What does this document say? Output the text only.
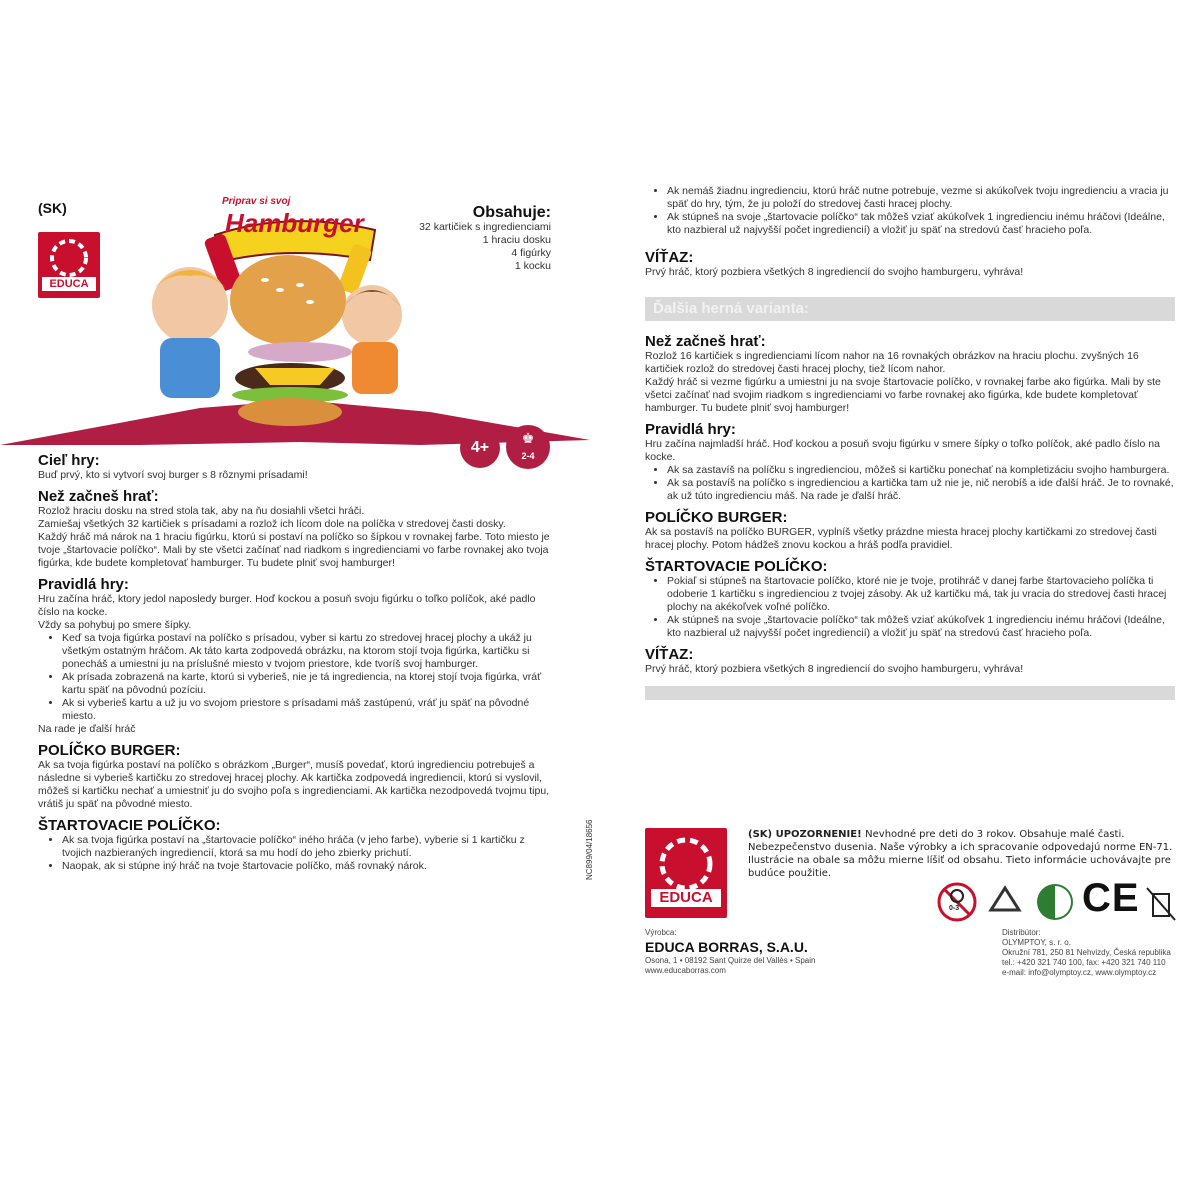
(SK)
EDUCA
Obsahuje:

32 kartičiek s ingredienciami

1 hraciu dosku

4 figúrky

1 kocku

Priprav si svoj
Hamburger
4+
♚
2-4
Cieľ hry:

Buď prvý, kto si vytvorí svoj burger s 8 rôznymi prísadami!

Než začneš hrať:

Rozlož hraciu dosku na stred stola tak, aby na ňu dosiahli všetci hráči.
Zamiešaj všetkých 32 kartičiek s prísadami a rozlož ich lícom dole na políčka v stredovej časti dosky.
Každý hráč má nárok na 1 hraciu figúrku, ktorú si postaví na políčko so šípkou v rovnakej farbe. Toto miesto je tvoje „štartovacie políčko“. Mali by ste všetci začínať nad riadkom s ingredienciami vo farbe rovnakej ako tvoja figúrka, kde budete kompletovať hamburger. Tu budete plniť svoj hamburger!

Pravidlá hry:

Hru začína hráč, ktory jedol naposledy burger. Hoď kockou a posuň svoju figúrku o toľko políčok, aké padlo číslo na kocke.
Vždy sa pohybuj po smere šípky.

• Keď sa tvoja figúrka postaví na políčko s prísadou, vyber si kartu zo stredovej hracej plochy a ukáž ju všetkým ostatným hráčom. Ak táto karta zodpovedá obrázku, na ktorom stojí tvoja figúrka, kartičku si ponecháš a umiestni ju na príslušné miesto v tvojom priestore, kde tvoríš svoj hamburger.
• Ak prísada zobrazená na karte, ktorú si vyberieš, nie je tá ingrediencia, na ktorej stojí tvoja figúrka, vráť kartu späť na pôvodnú pozíciu.
• Ak si vyberieš kartu a už ju vo svojom priestore s prísadami máš zastúpenú, vráť ju späť na pôvodné miesto.

Na rade je ďalší hráč

POLÍČKO BURGER:

Ak sa tvoja figúrka postaví na políčko s obrázkom „Burger“, musíš povedať, ktorú ingredienciu potrebuješ a následne si vyberieš kartičku zo stredovej hracej plochy. Ak kartička zodpovedá ingrediencii, ktorú si vyslovil, môžeš si kartičku nechať a umiestniť ju do svojho poľa s ingredienciami. Ak kartička nezodpovedá tvojmu tipu, vrátiš ju späť na pôvodné miesto.

ŠTARTOVACIE POLÍČKO:
• Ak sa tvoja figúrka postaví na „štartovacie políčko“ iného hráča (v jeho farbe), vyberie si 1 kartičku z tvojich nazbieraných ingrediencií, ktorá sa mu hodí do jeho zbierky prichutí.
• Naopak, ak si stúpne iný hráč na tvoje štartovacie políčko, máš rovnaký nárok.
• Ak nemáš žiadnu ingredienciu, ktorú hráč nutne potrebuje, vezme si akúkoľvek tvoju ingredienciu a vracia ju späť do hry, tým, že ju položí do stredovej časti hracej plochy.
• Ak stúpneš na svoje „štartovacie políčko“ tak môžeš vziať akúkoľvek 1 ingredienciu inému hráčovi (Ideálne, kto nazbieral už najvyšší počet ingrediencií) a vložiť ju späť na stredovú časť hracieho poľa.
VÍŤAZ:

Prvý hráč, ktorý pozbiera všetkých 8 ingrediencií do svojho hamburgeru, vyhráva!

Ďalšia herná varianta:
Než začneš hrať:

Rozlož 16 kartičiek s ingredienciami lícom nahor na 16 rovnakých obrázkov na hraciu plochu. zvyšných 16 kartičiek rozlož do stredovej časti hracej plochy, tiež lícom nahor.
Každý hráč si vezme figúrku a umiestni ju na svoje štartovacie políčko, v rovnakej farbe ako figúrka. Mali by ste všetci začínať nad svojim riadkom s ingredienciami vo farbe rovnakej ako figúrka, kde budete kompletovať hamburger. Tu budete plniť svoj hamburger!

Pravidlá hry:

Hru začína najmladší hráč. Hoď kockou a posuň svoju figúrku v smere šípky o toľko políčok, aké padlo číslo na kocke.

• Ak sa zastavíš na políčku s ingredienciou, môžeš si kartičku ponechať na kompletizáciu svojho hamburgera.
• Ak sa postavíš na políčko s ingredienciou a kartička tam už nie je, nič nerobíš a ide ďalší hráč. Je to rovnaké, ak už túto ingredienciu máš. Na rade je ďalší hráč.
POLÍČKO BURGER:

Ak sa postavíš na políčko BURGER, vyplníš všetky prázdne miesta hracej plochy kartičkami zo stredovej časti hracej plochy. Potom hádžeš znovu kockou a hráš podľa pravidiel.

ŠTARTOVACIE POLÍČKO:
• Pokiaľ si stúpneš na štartovacie políčko, ktoré nie je tvoje, protihráč v danej farbe štartovacieho políčka ti odoberie 1 kartičku s ingredienciou z tvojej zásoby. Ak už kartičku má, tak ju vracia do stredovej časti hracej plochy na akékoľvek voľné políčko.
• Ak stúpneš na svoje „štartovacie políčko“ tak môžeš vziať akúkoľvek 1 ingredienciu inému hráčovi (Ideálne, kto nazbieral už najvyšší počet ingrediencií) a vložiť ju späť na stredovú časť hracieho poľa.
VÍŤAZ:

Prvý hráč, ktorý pozbiera všetkých 8 ingrediencií do svojho hamburgeru, vyhráva!

NC899/04/18656
EDUCA
(SK) UPOZORNENIE! Nevhodné pre deti do 3 rokov. Obsahuje malé časti. Nebezpečenstvo dusenia. Naše výrobky a ich spracovanie odpovedajú norme EN-71. Ilustrácie na obale sa môžu mierne líšiť od obsahu. Tieto informácie uchovávajte pre budúce použitie.
0-3	CE
Výrobca:
EDUCA BORRAS, S.A.U.
Osona, 1 • 08192 Sant Quirze del Vallès • Spain
www.educaborras.com
Distribútor:
OLYMPTOY, s. r. o.
Okružní 781, 250 81 Nehvizdy, Česká republika
tel.: +420 321 740 100, fax: +420 321 740 110
e-mail: info@olymptoy.cz, www.olymptoy.cz
